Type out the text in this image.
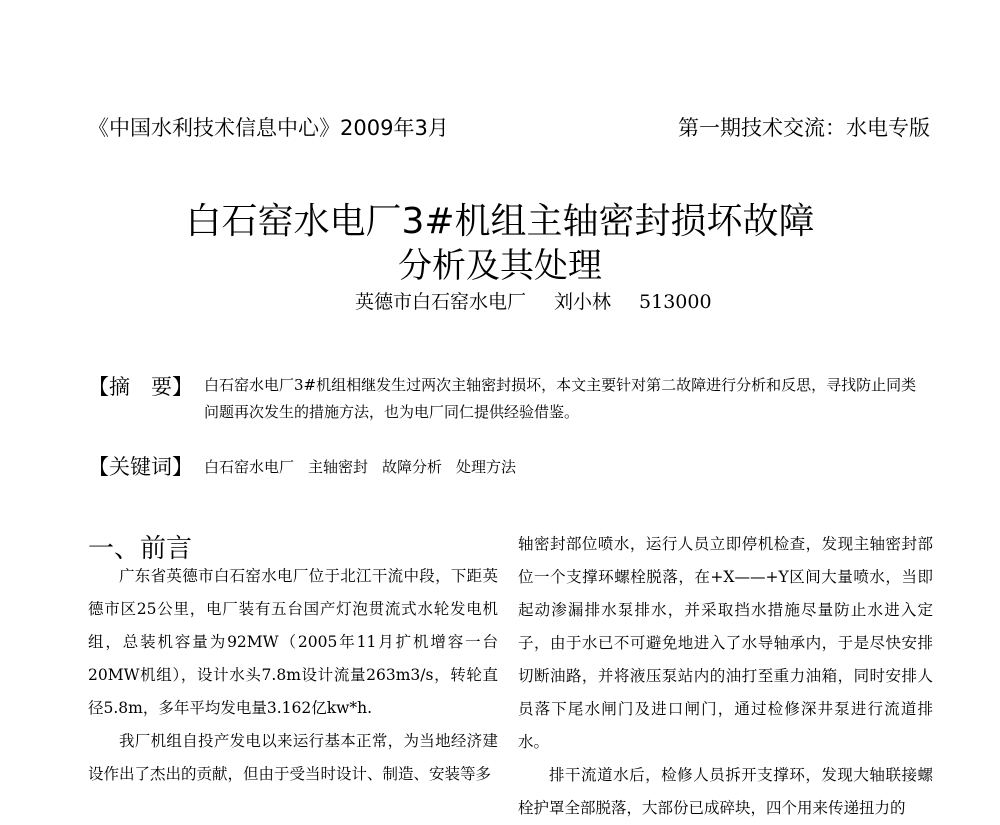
《中国水利技术信息中心》2009年3月	第一期技术交流：水电专版
白石窑水电厂3#机组主轴密封损坏故障
分析及其处理
英德市白石窑水电厂 刘小林 513000
【摘　要】 白石窑水电厂3#机组相继发生过两次主轴密封损坏，本文主要针对第二故障进行分析和反思，寻找防止同类问题再次发生的措施方法，也为电厂同仁提供经验借鉴。
【关键词】 白石窑水电厂 主轴密封 故障分析 处理方法
一、前言

广东省英德市白石窑水电厂位于北江干流中段，下距英德市区25公里，电厂装有五台国产灯泡贯流式水轮发电机组，总装机容量为92MW（2005年11月扩机增容一台20MW机组），设计水头7.8m设计流量263m3/s，转轮直径5.8m，多年平均发电量3.162亿kw*h.

我厂机组自投产发电以来运行基本正常，为当地经济建设作出了杰出的贡献，但由于受当时设计、制造、安装等多

轴密封部位喷水，运行人员立即停机检查，发现主轴密封部位一个支撑环螺栓脱落，在+X——+Y区间大量喷水，当即起动渗漏排水泵排水，并采取挡水措施尽量防止水进入定子，由于水已不可避免地进入了水导轴承内，于是尽快安排切断油路，并将液压泵站内的油打至重力油箱，同时安排人员落下尾水闸门及进口闸门，通过检修深井泵进行流道排水。

排干流道水后，检修人员拆开支撑环，发现大轴联接螺栓护罩全部脱落，大部份已成碎块，四个用来传递扭力的
